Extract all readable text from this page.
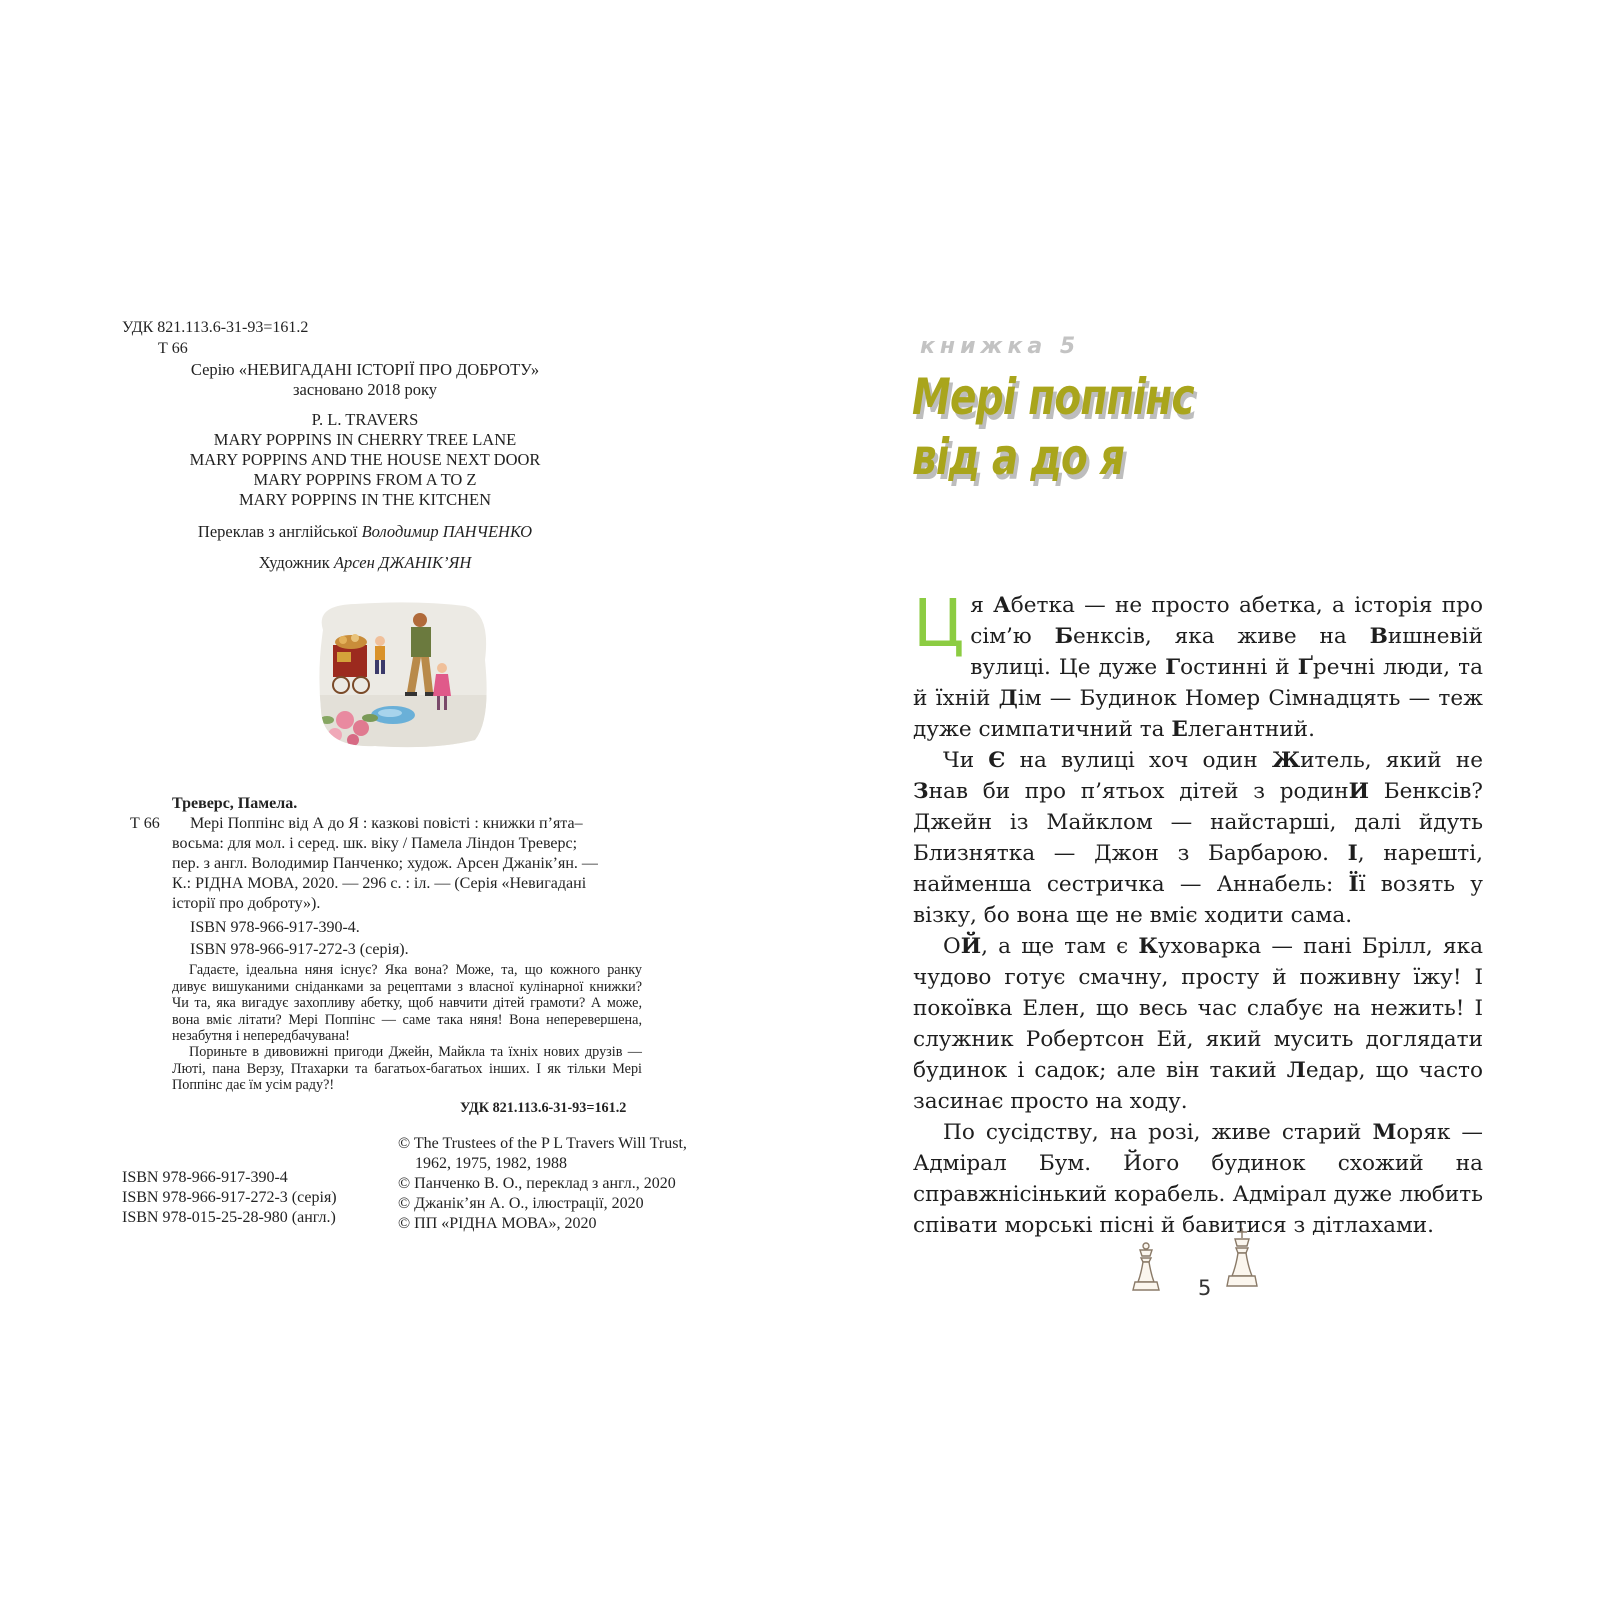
УДК 821.113.6-31-93=161.2
Т 66
Серію «НЕВИГАДАНІ ІСТОРІЇ ПРО ДОБРОТУ»
засновано 2018 року
P. L. TRAVERS
MARY POPPINS IN CHERRY TREE LANE
MARY POPPINS AND THE HOUSE NEXT DOOR
MARY POPPINS FROM A TO Z
MARY POPPINS IN THE KITCHEN
Переклав з англійської Володимир ПАНЧЕНКО
Художник Арсен ДЖАНІК’ЯН
Треверс, Памела.
Т 66 Мері Поппінс від А до Я : казкові повісті : книжки п’ята–
восьма: для мол. і серед. шк. віку / Памела Ліндон Треверс;
пер. з англ. Володимир Панченко; худож. Арсен Джанік’ян. —
К.: РІДНА МОВА, 2020. — 296 с. : іл. — (Серія «Невигадані
історії про доброту»).
ISBN 978-966-917-390-4.
ISBN 978-966-917-272-3 (серія).
Гадаєте, ідеальна няня існує? Яка вона? Може, та, що кожного ранку дивує вишуканими сніданками за рецептами з власної кулінарної книжки? Чи та, яка вигадує захопливу абетку, щоб навчити дітей грамоти? А може, вона вміє літати? Мері Поппінс — саме така няня! Вона неперевершена, незабутня і непередбачувана!
Пориньте в дивовижні пригоди Джейн, Майкла та їхніх нових друзів — Люті, пана Верзу, Птахарки та багатьох-багатьох інших. І як тільки Мері Поппінс дає їм усім раду?!
УДК 821.113.6-31-93=161.2
ISBN 978-966-917-390-4
ISBN 978-966-917-272-3 (серія)
ISBN 978-015-25-28-980 (англ.)
© The Trustees of the P L Travers Will Trust,
1962, 1975, 1982, 1988
© Панченко В. О., переклад з англ., 2020
© Джанік’ян А. О., ілюстрації, 2020
© ПП «РІДНА МОВА», 2020
книжка 5
Мері поппінс
від а до я

Ця Абетка — не просто абетка, а історія про сім’ю Бенксів, яка живе на Вишневій вулиці. Це дуже Гостинні й Ґречні люди, та й їхній Дім — Будинок Номер Сімнадцять — теж дуже симпатичний та Елегантний.

Чи Є на вулиці хоч один Житель, який не Знав би про п’ятьох дітей з родинИ Бенксів? Джейн із Майклом — найстарші, далі йдуть Близнятка — Джон з Барбарою. І, нарешті, найменша сестричка — Аннабель: Її возять у візку, бо вона ще не вміє ходити сама.

ОЙ, а ще там є Куховарка — пані Брілл, яка чудово готує смачну, просту й поживну їжу! І покоївка Елен, що весь час слабує на нежить! І служник Робертсон Ей, який мусить доглядати будинок і садок; але він такий Ледар, що часто засинає просто на ходу.

По сусідству, на розі, живе старий Моряк — Адмірал Бум. Його будинок схожий на справжнісінький корабель. Адмірал дуже любить співати морські пісні й бавитися з дітлахами.

5
